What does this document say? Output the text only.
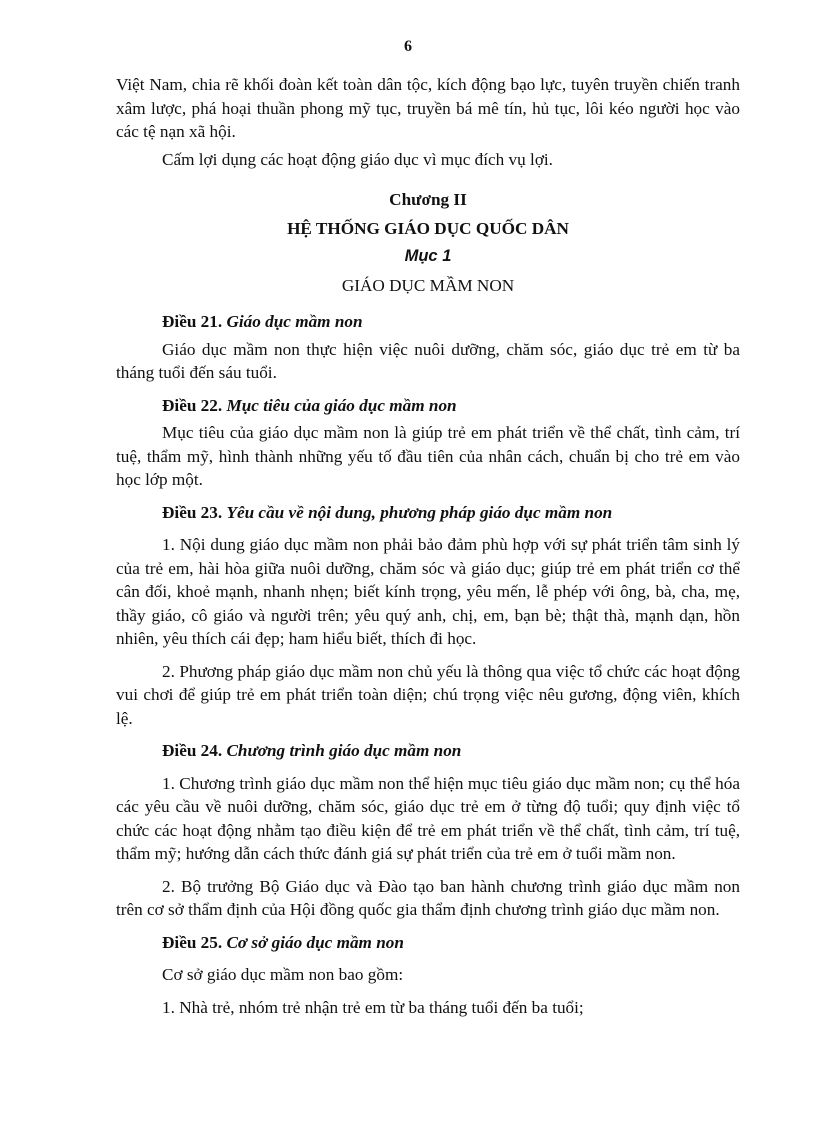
6

Việt Nam, chia rẽ khối đoàn kết toàn dân tộc, kích động bạo lực, tuyên truyền chiến tranh xâm lược, phá hoại thuần phong mỹ tục, truyền bá mê tín, hủ tục, lôi kéo người học vào các tệ nạn xã hội.

Cấm lợi dụng các hoạt động giáo dục vì mục đích vụ lợi.

Chương II

HỆ THỐNG GIÁO DỤC QUỐC DÂN

Mục 1

GIÁO DỤC MẦM NON

Điều 21. Giáo dục mầm non

Giáo dục mầm non thực hiện việc nuôi dưỡng, chăm sóc, giáo dục trẻ em từ ba tháng tuổi đến sáu tuổi.

Điều 22. Mục tiêu của giáo dục mầm non

Mục tiêu của giáo dục mầm non là giúp trẻ em phát triển về thể chất, tình cảm, trí tuệ, thẩm mỹ, hình thành những yếu tố đầu tiên của nhân cách, chuẩn bị cho trẻ em vào học lớp một.

Điều 23. Yêu cầu về nội dung, phương pháp giáo dục mầm non

1. Nội dung giáo dục mầm non phải bảo đảm phù hợp với sự phát triển tâm sinh lý của trẻ em, hài hòa giữa nuôi dưỡng, chăm sóc và giáo dục; giúp trẻ em phát triển cơ thể cân đối, khoẻ mạnh, nhanh nhẹn; biết kính trọng, yêu mến, lễ phép với ông, bà, cha, mẹ, thầy giáo, cô giáo và người trên; yêu quý anh, chị, em, bạn bè; thật thà, mạnh dạn, hồn nhiên, yêu thích cái đẹp; ham hiểu biết, thích đi học.

2. Phương pháp giáo dục mầm non chủ yếu là thông qua việc tổ chức các hoạt động vui chơi để giúp trẻ em phát triển toàn diện; chú trọng việc nêu gương, động viên, khích lệ.

Điều 24. Chương trình giáo dục mầm non

1. Chương trình giáo dục mầm non thể hiện mục tiêu giáo dục mầm non; cụ thể hóa các yêu cầu về nuôi dưỡng, chăm sóc, giáo dục trẻ em ở từng độ tuổi; quy định việc tổ chức các hoạt động nhằm tạo điều kiện để trẻ em phát triển về thể chất, tình cảm, trí tuệ, thẩm mỹ; hướng dẫn cách thức đánh giá sự phát triển của trẻ em ở tuổi mầm non.

2. Bộ trưởng Bộ Giáo dục và Đào tạo ban hành chương trình giáo dục mầm non trên cơ sở thẩm định của Hội đồng quốc gia thẩm định chương trình giáo dục mầm non.

Điều 25. Cơ sở giáo dục mầm non

Cơ sở giáo dục mầm non bao gồm:

1. Nhà trẻ, nhóm trẻ nhận trẻ em từ ba tháng tuổi đến ba tuổi;
